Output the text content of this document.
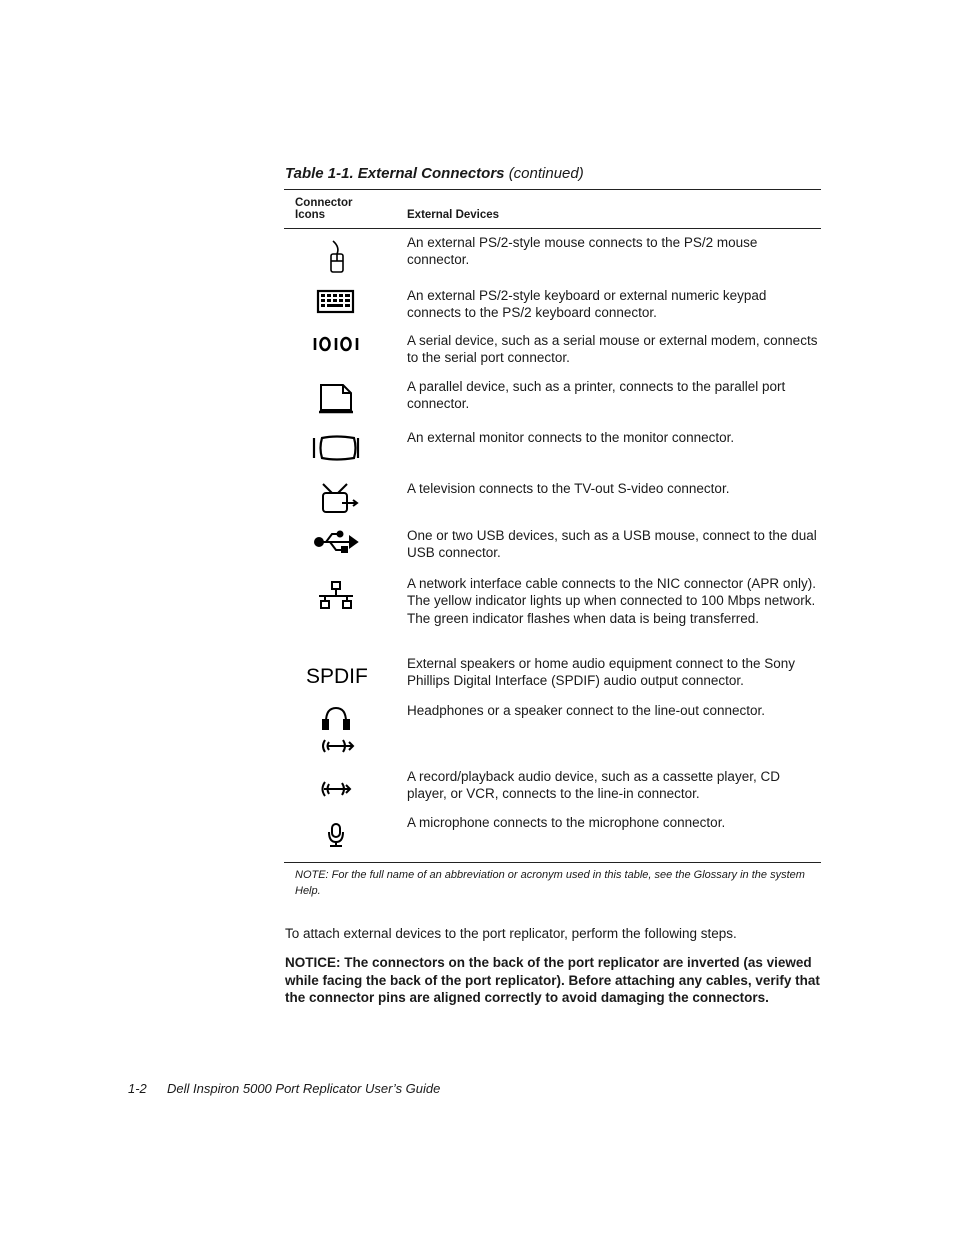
Table 1-1. External Connectors (continued)
Connector
Icons	External Devices
An external PS/2-style mouse connects to the PS/2 mouse connector.
An external PS/2-style keyboard or external numeric keypad connects to the PS/2 keyboard connector.
A serial device, such as a serial mouse or external modem, connects to the serial port connector.
A parallel device, such as a printer, connects to the parallel port connector.
An external monitor connects to the monitor connector.
A television connects to the TV-out S-video connector.
One or two USB devices, such as a USB mouse, connect to the dual USB connector.
A network interface cable connects to the NIC connector (APR only). The yellow indicator lights up when connected to 100 Mbps network. The green indicator flashes when data is being transferred.
SPDIF
External speakers or home audio equipment connect to the Sony Phillips Digital Interface (SPDIF) audio output connector.
Headphones or a speaker connect to the line-out connector.
A record/playback audio device, such as a cassette player, CD player, or VCR, connects to the line-in connector.
A microphone connects to the microphone connector.
NOTE: For the full name of an abbreviation or acronym used in this table, see the Glossary in the system Help.
To attach external devices to the port replicator, perform the following steps.
NOTICE: The connectors on the back of the port replicator are inverted (as viewed while facing the back of the port replicator). Before attaching any cables, verify that the connector pins are aligned correctly to avoid damaging the connectors.
1-2 Dell Inspiron 5000 Port Replicator User’s Guide
